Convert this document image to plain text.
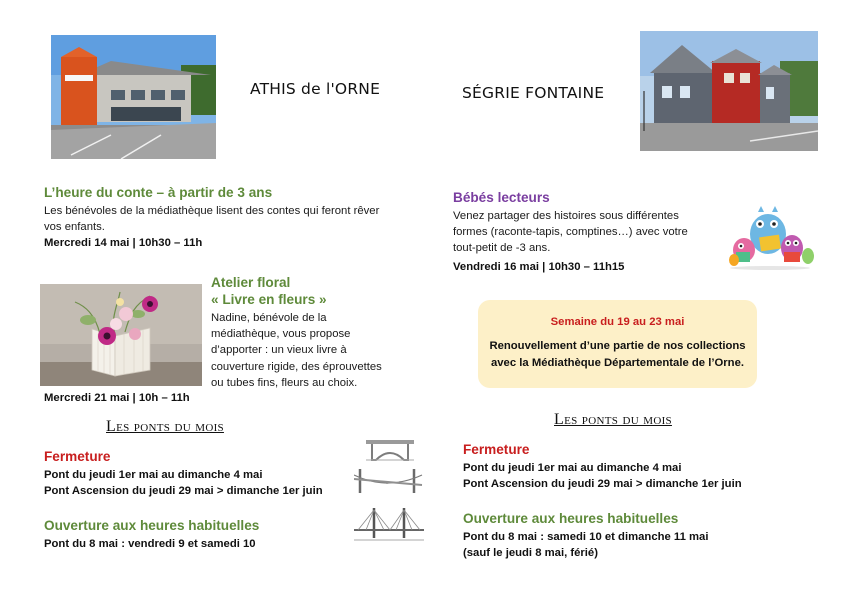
ATHIS de l'ORNE
L’heure du conte – à partir de 3 ans
Les bénévoles de la médiathèque lisent des contes qui feront rêver
vos enfants.
Mercredi 14 mai | 10h30 – 11h
Atelier floral
« Livre en fleurs »
Nadine, bénévole de la
médiathèque, vous propose
d’apporter : un vieux livre à
couverture rigide, des éprouvettes
ou tubes fins, fleurs au choix.
Mercredi 21 mai | 10h – 11h
Les ponts du mois
Fermeture
Pont du jeudi 1er mai au dimanche 4 mai
Pont Ascension du jeudi 29 mai > dimanche 1er juin
Ouverture aux heures habituelles
Pont du 8 mai : vendredi 9 et samedi 10
SÉGRIE FONTAINE
Bébés lecteurs
Venez partager des histoires sous différentes
formes (raconte-tapis, comptines…) avec votre
tout-petit de -3 ans.
Vendredi 16 mai | 10h30 – 11h15
Semaine du 19 au 23 mai
Renouvellement d’une partie de nos collections
avec la Médiathèque Départementale de l’Orne.
Les ponts du mois
Fermeture
Pont du jeudi 1er mai au dimanche 4 mai
Pont Ascension du jeudi 29 mai > dimanche 1er juin
Ouverture aux heures habituelles
Pont du 8 mai : samedi 10 et dimanche 11 mai
(sauf le jeudi 8 mai, férié)
